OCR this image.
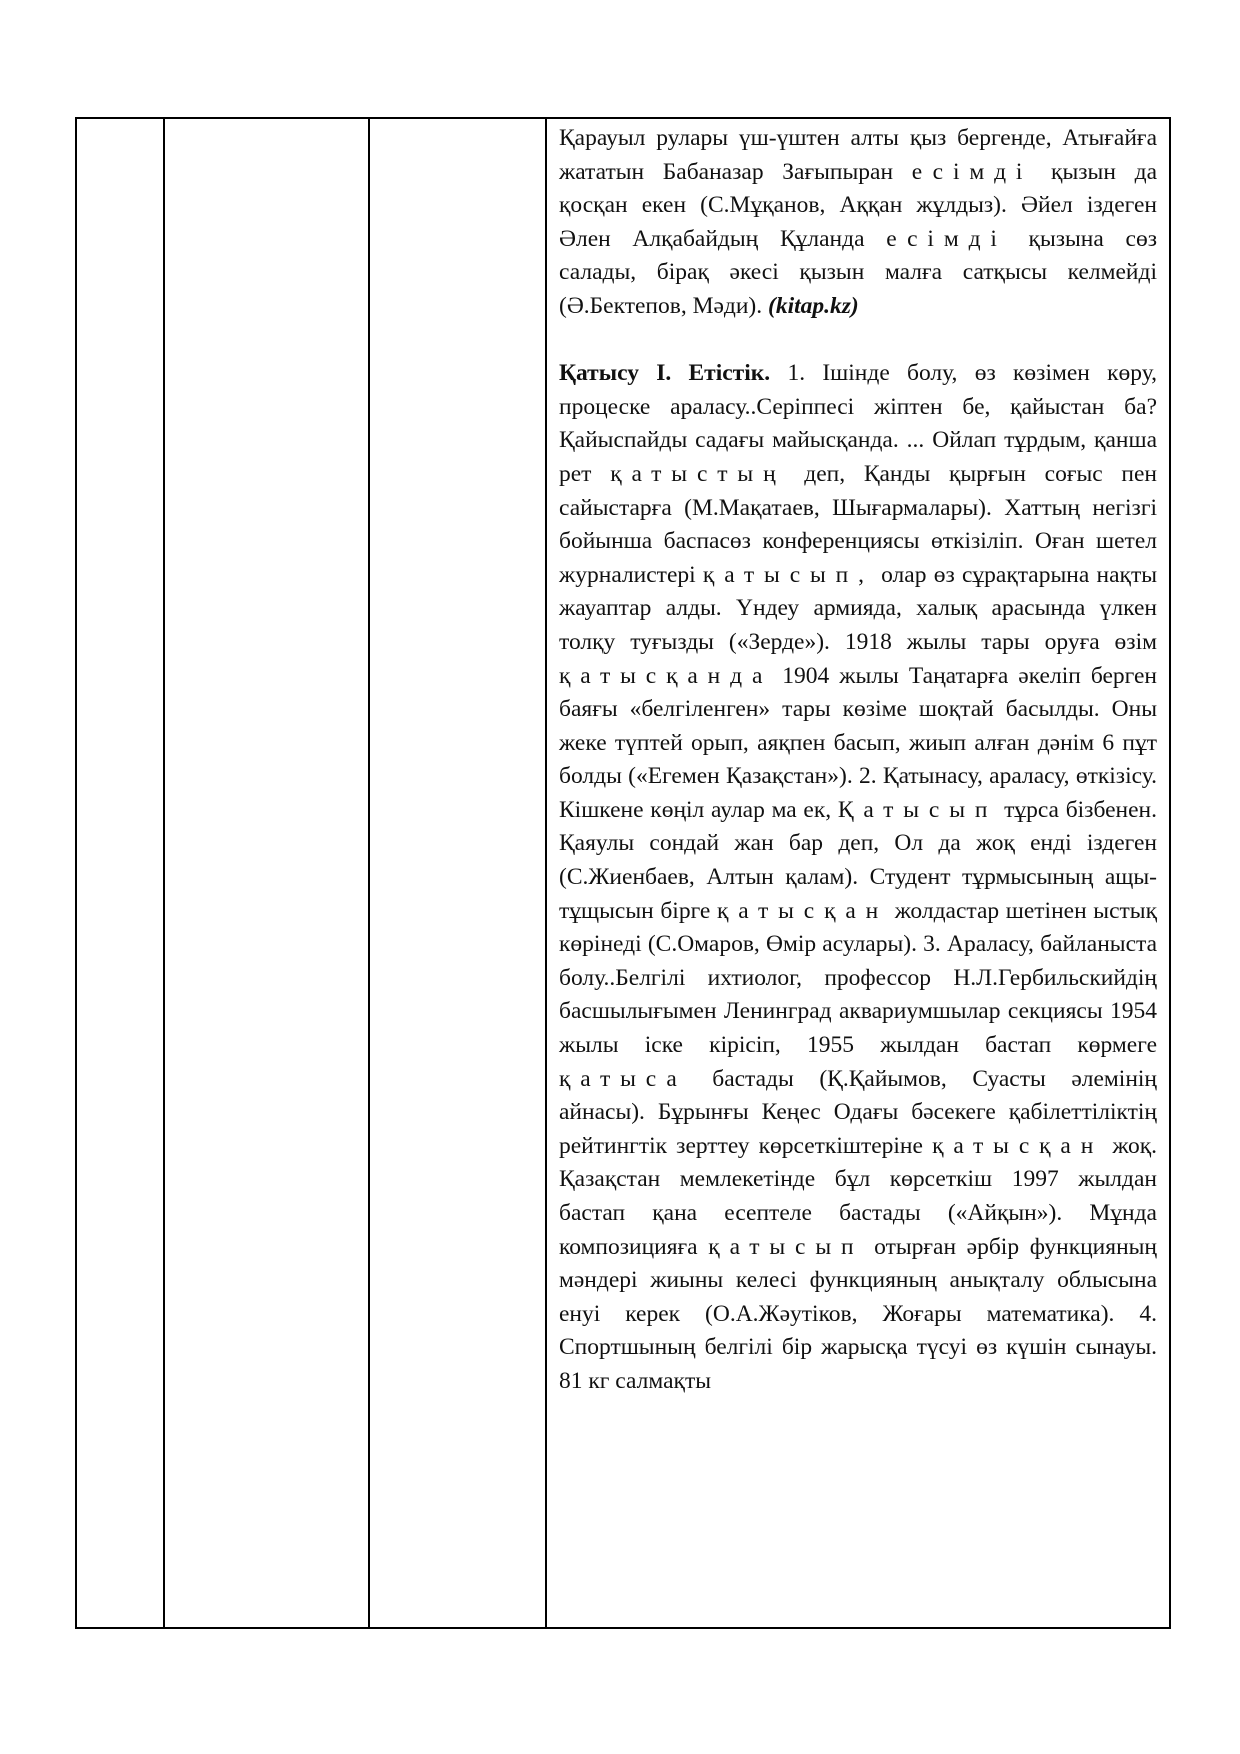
Қарауыл рулары үш-үштен алты қыз бергенде, Атығайға жататын Бабаназар Зағыпыран есімді қызын да қосқан екен (С.Мұқанов, Аққан жұлдыз). Әйел іздеген Әлен Алқабайдың Құланда есімді қызына сөз салады, бірақ әкесі қызын малға сатқысы келмейді (Ә.Бектепов, Мәди). (kitap.kz)

Қатысу I. Етістік. 1. Ішінде болу, өз көзімен көру, процеске араласу..Серіппесі жіптен бе, қайыстан ба? Қайыспайды садағы майысқанда. ... Ойлап тұрдым, қанша рет қатыстың деп, Қанды қырғын соғыс пен сайыстарға (М.Мақатаев, Шығармалары). Хаттың негізгі бойынша баспасөз конференциясы өткізіліп. Оған шетел журналистері қатысып, олар өз сұрақтарына нақты жауаптар алды. Үндеу армияда, халық арасында үлкен толқу туғызды («Зерде»). 1918 жылы тары оруға өзім қатысқанда 1904 жылы Таңатарға әкеліп берген баяғы «белгіленген» тары көзіме шоқтай басылды. Оны жеке түптей орып, аяқпен басып, жиып алған дәнім 6 пұт болды («Егемен Қазақстан»). 2. Қатынасу, араласу, өткізісу. Кішкене көңіл аулар ма ек, Қатысып тұрса бізбенен. Қаяулы сондай жан бар деп, Ол да жоқ енді іздеген (С.Жиенбаев, Алтын қалам). Студент тұрмысының ащы-тұщысын бірге қатысқан жолдастар шетінен ыстық көрінеді (С.Омаров, Өмір асулары). 3. Араласу, байланыста болу..Белгілі ихтиолог, профессор Н.Л.Гербильскийдің басшылығымен Ленинград аквариумшылар секциясы 1954 жылы іске кірісіп, 1955 жылдан бастап көрмеге қатыса бастады (Қ.Қайымов, Суасты әлемінің айнасы). Бұрынғы Кеңес Одағы бәсекеге қабілеттіліктің рейтингтік зерттеу көрсеткіштеріне қатысқан жоқ. Қазақстан мемлекетінде бұл көрсеткіш 1997 жылдан бастап қана есептеле бастады («Айқын»). Мұнда композицияға қатысып отырған әрбір функцияның мәндері жиыны келесі функцияның анықталу облысына енуі керек (О.А.Жәутіков, Жоғары математика). 4. Спортшының белгілі бір жарысқа түсуі өз күшін сынауы. 81 кг салмақты
